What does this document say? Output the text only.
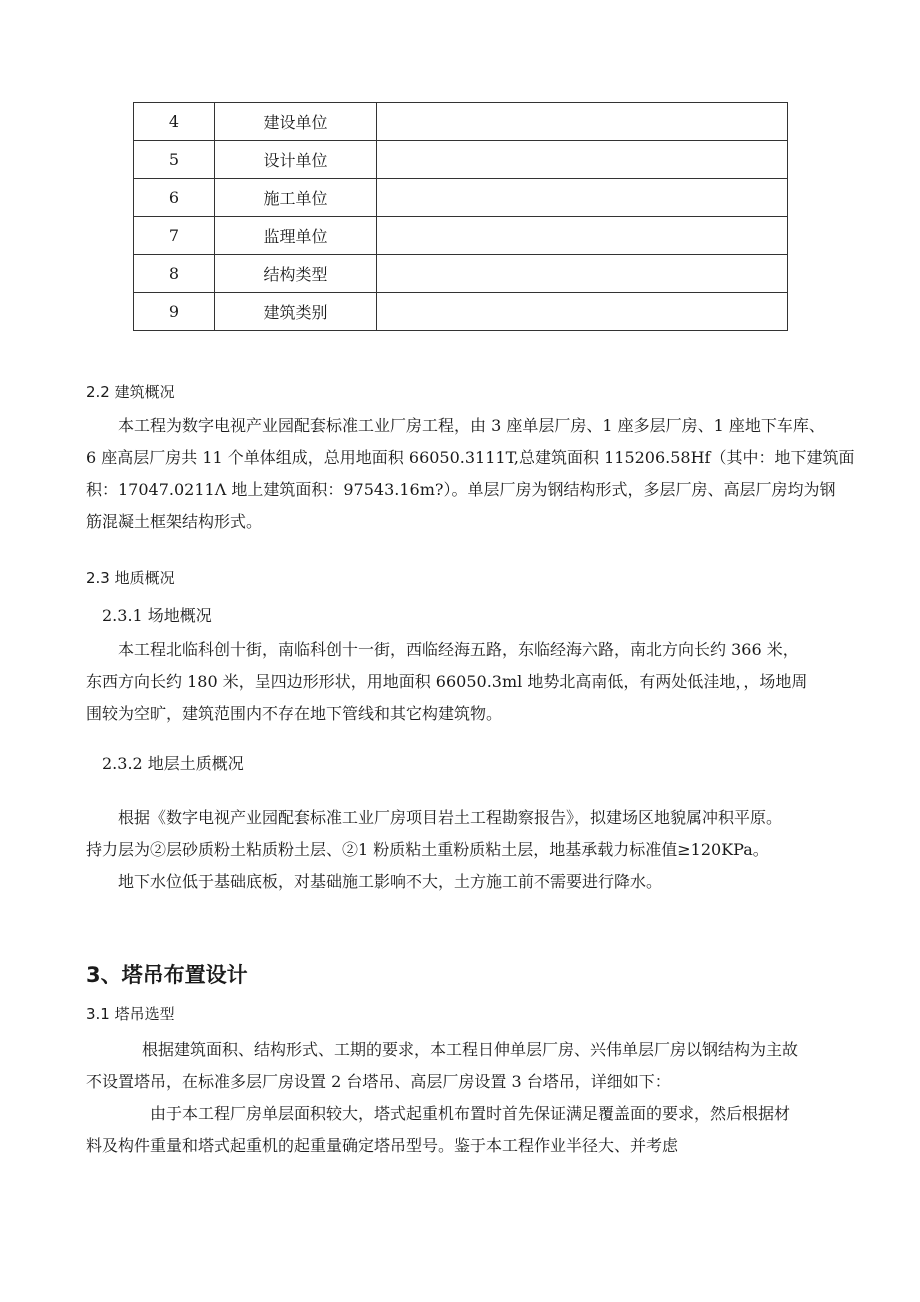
4	建设单位	
5	设计单位	
6	施工单位	
7	监理单位	
8	结构类型	
9	建筑类别	
2.2 建筑概况

本工程为数字电视产业园配套标准工业厂房工程，由 3 座单层厂房、1 座多层厂房、1 座地下车库、

6 座高层厂房共 11 个单体组成，总用地面积 66050.3111T,总建筑面积 115206.58Hf（其中：地下建筑面

积：17047.0211Λ 地上建筑面积：97543.16m?）。单层厂房为钢结构形式，多层厂房、高层厂房均为钢

筋混凝土框架结构形式。

2.3 地质概况
2.3.1 场地概况

本工程北临科创十街，南临科创十一街，西临经海五路，东临经海六路，南北方向长约 366 米，

东西方向长约 180 米，呈四边形形状，用地面积 66050.3ml 地势北高南低，有两处低洼地，，场地周

围较为空旷，建筑范围内不存在地下管线和其它构建筑物。

2.3.2 地层土质概况

根据《数字电视产业园配套标准工业厂房项目岩土工程勘察报告》，拟建场区地貌属冲积平原。

持力层为②层砂质粉土粘质粉土层、②1 粉质粘土重粉质粘土层，地基承载力标准值≥120KPa。

地下水位低于基础底板，对基础施工影响不大，土方施工前不需要进行降水。

3、塔吊布置设计
3.1 塔吊选型

根据建筑面积、结构形式、工期的要求，本工程日伸单层厂房、兴伟单层厂房以钢结构为主故

不设置塔吊，在标准多层厂房设置 2 台塔吊、高层厂房设置 3 台塔吊，详细如下：

由于本工程厂房单层面积较大，塔式起重机布置时首先保证满足覆盖面的要求，然后根据材

料及构件重量和塔式起重机的起重量确定塔吊型号。鉴于本工程作业半径大、并考虑
